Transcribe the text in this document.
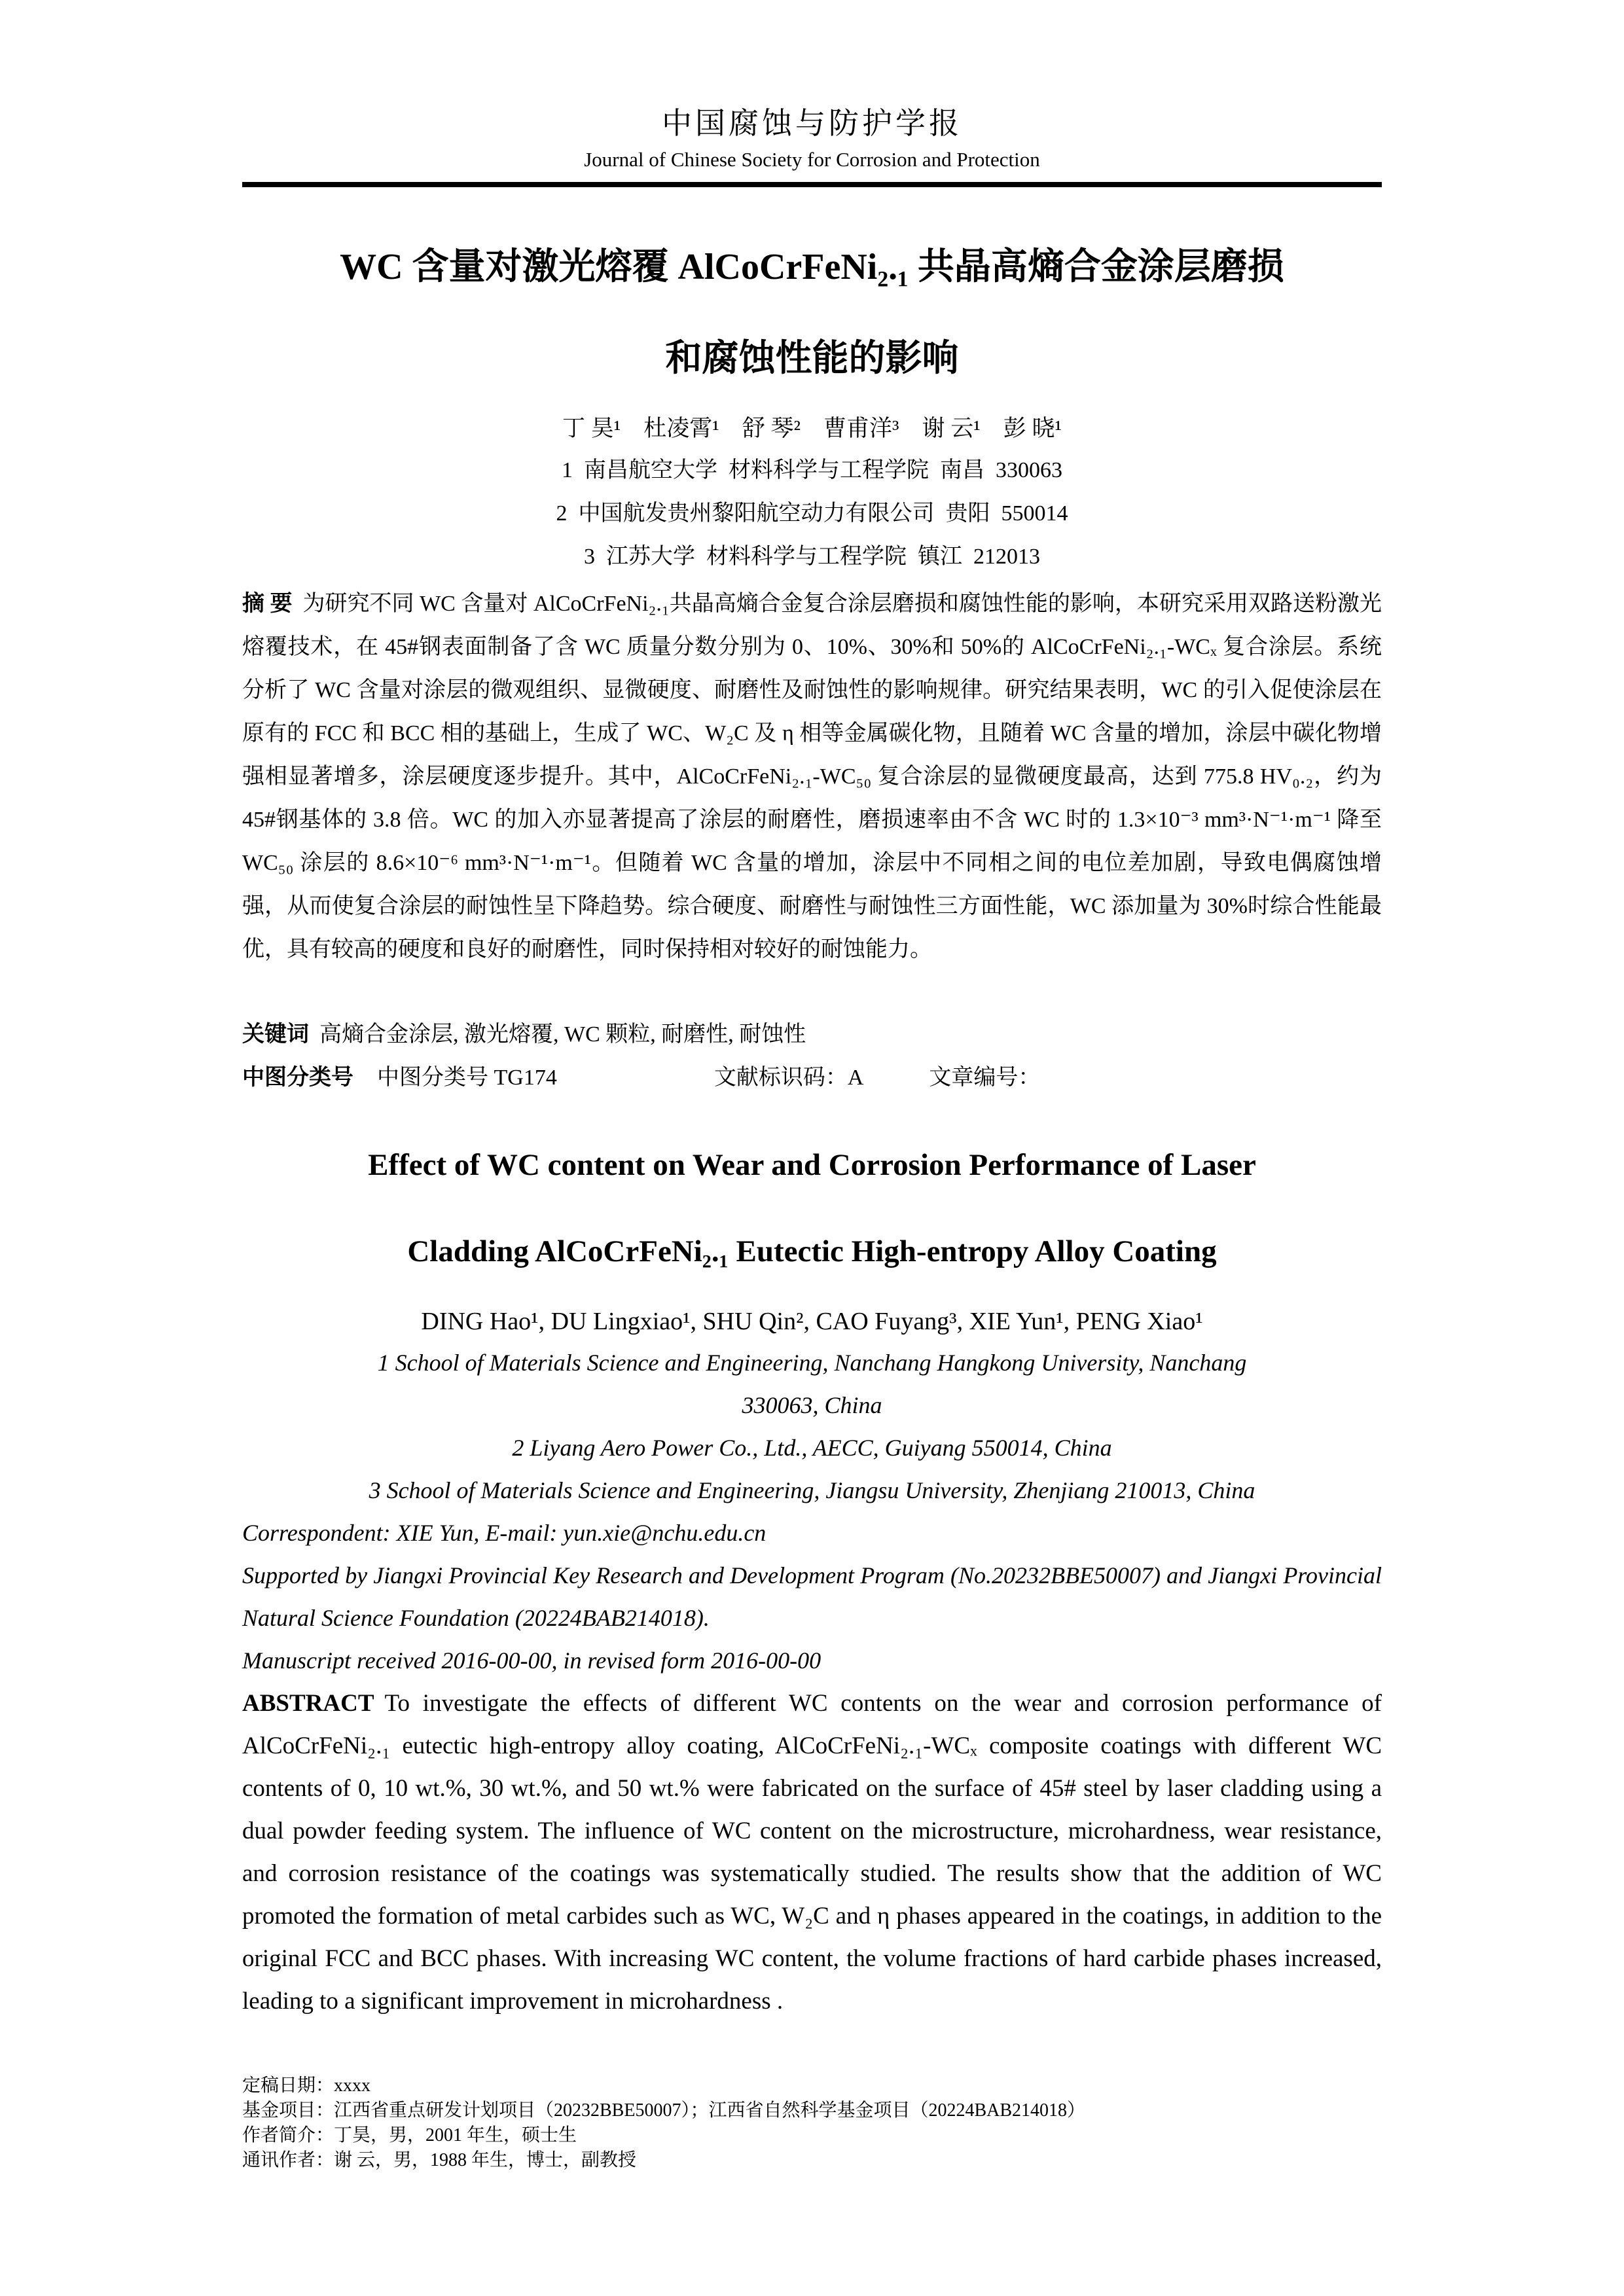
中国腐蚀与防护学报
Journal of Chinese Society for Corrosion and Protection
WC 含量对激光熔覆 AlCoCrFeNi₂.₁ 共晶高熵合金涂层磨损
和腐蚀性能的影响
丁 昊¹　杜凌霄¹　舒 琴²　曹甫洋³　谢 云¹　彭 晓¹
1  南昌航空大学  材料科学与工程学院  南昌  330063
2  中国航发贵州黎阳航空动力有限公司  贵阳  550014
3  江苏大学  材料科学与工程学院  镇江  212013
摘 要 为研究不同 WC 含量对 AlCoCrFeNi₂.₁共晶高熵合金复合涂层磨损和腐蚀性能的影响，本研究采用双路送粉激光熔覆技术，在 45#钢表面制备了含 WC 质量分数分别为 0、10%、30%和 50%的 AlCoCrFeNi₂.₁-WCₓ 复合涂层。系统分析了 WC 含量对涂层的微观组织、显微硬度、耐磨性及耐蚀性的影响规律。研究结果表明，WC 的引入促使涂层在原有的 FCC 和 BCC 相的基础上，生成了 WC、W₂C 及 η 相等金属碳化物，且随着 WC 含量的增加，涂层中碳化物增强相显著增多，涂层硬度逐步提升。其中，AlCoCrFeNi₂.₁-WC₅₀ 复合涂层的显微硬度最高，达到 775.8 HV₀.₂，约为 45#钢基体的 3.8 倍。WC 的加入亦显著提高了涂层的耐磨性，磨损速率由不含 WC 时的 1.3×10⁻³ mm³·N⁻¹·m⁻¹ 降至 WC₅₀ 涂层的 8.6×10⁻⁶ mm³·N⁻¹·m⁻¹。但随着 WC 含量的增加，涂层中不同相之间的电位差加剧，导致电偶腐蚀增强，从而使复合涂层的耐蚀性呈下降趋势。综合硬度、耐磨性与耐蚀性三方面性能，WC 添加量为 30%时综合性能最优，具有较高的硬度和良好的耐磨性，同时保持相对较好的耐蚀能力。
关键词 高熵合金涂层, 激光熔覆, WC 颗粒, 耐磨性, 耐蚀性
中图分类号 中图分类号 TG174	文献标识码：A	文章编号：
Effect of WC content on Wear and Corrosion Performance of Laser
Cladding AlCoCrFeNi₂.₁ Eutectic High-entropy Alloy Coating
DING Hao¹, DU Lingxiao¹, SHU Qin², CAO Fuyang³, XIE Yun¹, PENG Xiao¹
1 School of Materials Science and Engineering, Nanchang Hangkong University, Nanchang
330063, China
2 Liyang Aero Power Co., Ltd., AECC, Guiyang 550014, China
3 School of Materials Science and Engineering, Jiangsu University, Zhenjiang 210013, China
Correspondent: XIE Yun, E-mail: yun.xie@nchu.edu.cn
Supported by Jiangxi Provincial Key Research and Development Program (No.20232BBE50007) and Jiangxi Provincial Natural Science Foundation (20224BAB214018).
Manuscript received 2016-00-00, in revised form 2016-00-00
ABSTRACT To investigate the effects of different WC contents on the wear and corrosion performance of AlCoCrFeNi₂.₁ eutectic high-entropy alloy coating, AlCoCrFeNi₂.₁-WCₓ composite coatings with different WC contents of 0, 10 wt.%, 30 wt.%, and 50 wt.% were fabricated on the surface of 45# steel by laser cladding using a dual powder feeding system. The influence of WC content on the microstructure, microhardness, wear resistance, and corrosion resistance of the coatings was systematically studied. The results show that the addition of WC promoted the formation of metal carbides such as WC, W₂C and η phases appeared in the coatings, in addition to the original FCC and BCC phases. With increasing WC content, the volume fractions of hard carbide phases increased, leading to a significant improvement in microhardness .
定稿日期：xxxx
基金项目：江西省重点研发计划项目（20232BBE50007）；江西省自然科学基金项目（20224BAB214018）
作者简介：丁昊，男，2001 年生，硕士生
通讯作者：谢 云，男，1988 年生，博士，副教授
